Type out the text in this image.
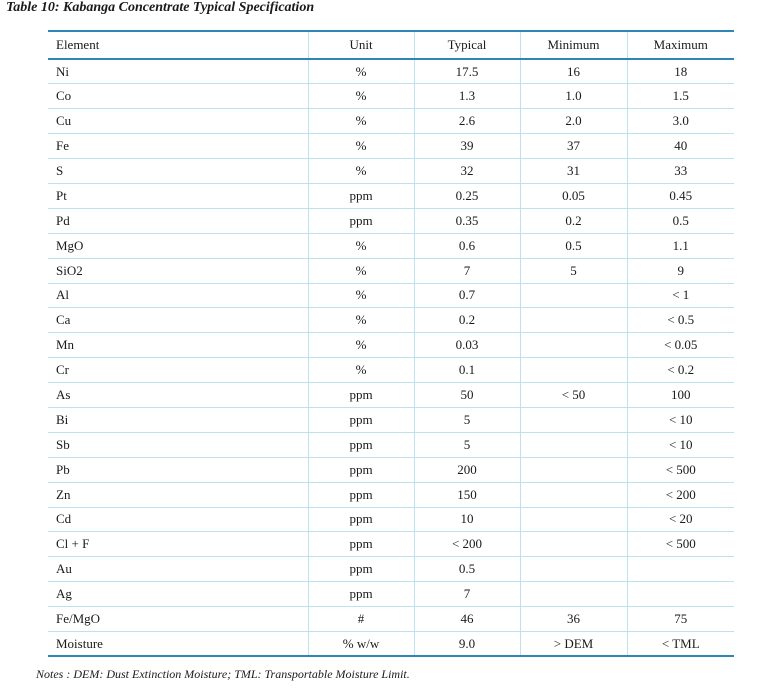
Table 10: Kabanga Concentrate Typical Specification
Element	Unit	Typical	Minimum	Maximum
Ni	%	17.5	16	18
Co	%	1.3	1.0	1.5
Cu	%	2.6	2.0	3.0
Fe	%	39	37	40
S	%	32	31	33
Pt	ppm	0.25	0.05	0.45
Pd	ppm	0.35	0.2	0.5
MgO	%	0.6	0.5	1.1
SiO2	%	7	5	9
Al	%	0.7		< 1
Ca	%	0.2		< 0.5
Mn	%	0.03		< 0.05
Cr	%	0.1		< 0.2
As	ppm	50	< 50	100
Bi	ppm	5		< 10
Sb	ppm	5		< 10
Pb	ppm	200		< 500
Zn	ppm	150		< 200
Cd	ppm	10		< 20
Cl + F	ppm	< 200		< 500
Au	ppm	0.5		
Ag	ppm	7		
Fe/MgO	#	46	36	75
Moisture	% w/w	9.0	> DEM	< TML
Notes : DEM: Dust Extinction Moisture; TML: Transportable Moisture Limit.
